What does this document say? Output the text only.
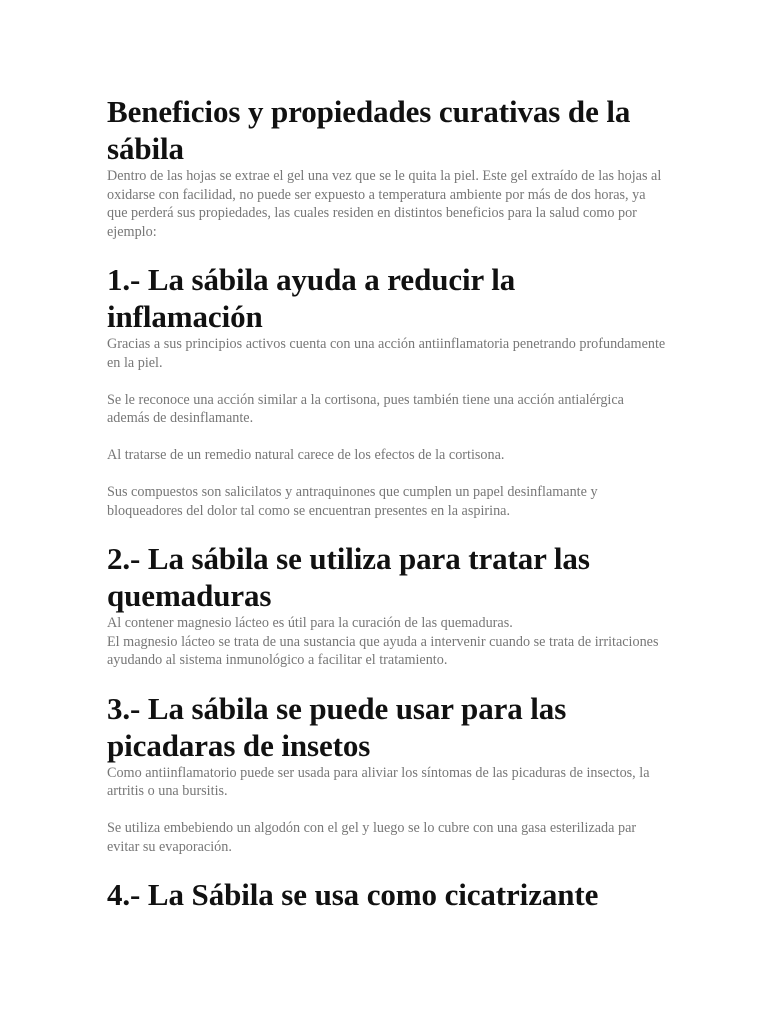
Beneficios y propiedades curativas de la sábila

Dentro de las hojas se extrae el gel una vez que se le quita la piel. Este gel extraído de las hojas al oxidarse con facilidad, no puede ser expuesto a temperatura ambiente por más de dos horas, ya que perderá sus propiedades, las cuales residen en distintos beneficios para la salud como por ejemplo:

1.- La sábila ayuda a reducir la inflamación

Gracias a sus principios activos cuenta con una acción antiinflamatoria penetrando profundamente en la piel.

Se le reconoce una acción similar a la cortisona, pues también tiene una acción antialérgica además de desinflamante.

Al tratarse de un remedio natural carece de los efectos de la cortisona.

Sus compuestos son salicilatos y antraquinones que cumplen un papel desinflamante y bloqueadores del dolor tal como se encuentran presentes en la aspirina.

2.- La sábila se utiliza para tratar las quemaduras

Al contener magnesio lácteo es útil para la curación de las quemaduras.

El magnesio lácteo se trata de una sustancia que ayuda a intervenir cuando se trata de irritaciones ayudando al sistema inmunológico a facilitar el tratamiento.

3.- La sábila se puede usar para las picadaras de insetos

Como antiinflamatorio puede ser usada para aliviar los síntomas de las picaduras de insectos, la artritis o una bursitis.

Se utiliza embebiendo un algodón con el gel y luego se lo cubre con una gasa esterilizada par evitar su evaporación.

4.- La Sábila se usa como cicatrizante
